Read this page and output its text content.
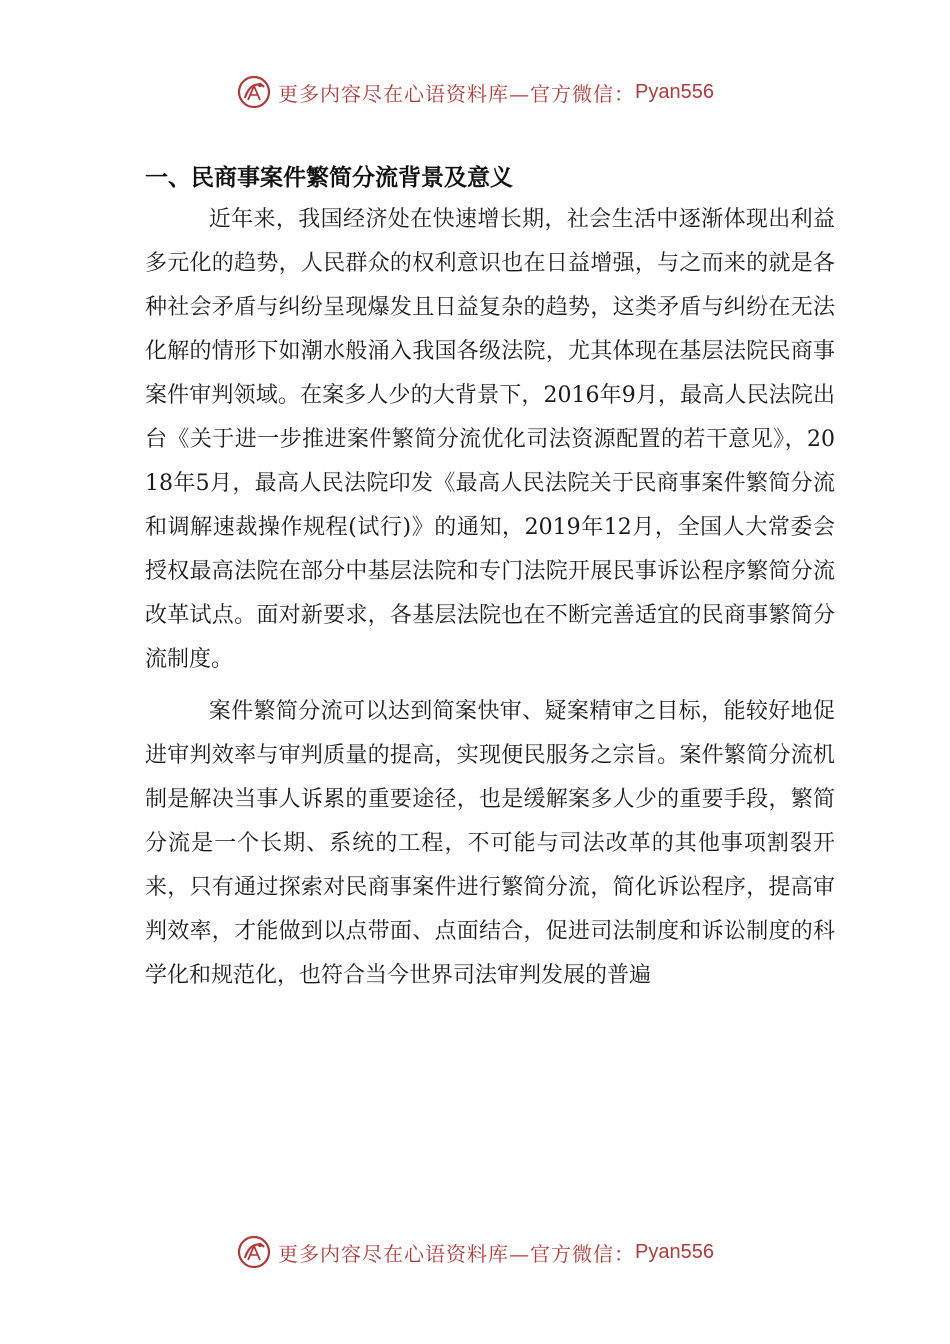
更多内容尽在心语资料库—官方微信： Pyan556
一、民商事案件繁简分流背景及意义

近年来，我国经济处在快速增长期，社会生活中逐渐体现出利益多元化的趋势，人民群众的权利意识也在日益增强，与之而来的就是各种社会矛盾与纠纷呈现爆发且日益复杂的趋势，这类矛盾与纠纷在无法化解的情形下如潮水般涌入我国各级法院，尤其体现在基层法院民商事案件审判领域。在案多人少的大背景下，2016年9月，最高人民法院出台《关于进一步推进案件繁简分流优化司法资源配置的若干意见》，2018年5月，最高人民法院印发《最高人民法院关于民商事案件繁简分流和调解速裁操作规程(试行)》的通知，2019年12月，全国人大常委会授权最高法院在部分中基层法院和专门法院开展民事诉讼程序繁简分流改革试点。面对新要求，各基层法院也在不断完善适宜的民商事繁简分流制度。

案件繁简分流可以达到简案快审、疑案精审之目标，能较好地促进审判效率与审判质量的提高，实现便民服务之宗旨。案件繁简分流机制是解决当事人诉累的重要途径，也是缓解案多人少的重要手段，繁简分流是一个长期、系统的工程，不可能与司法改革的其他事项割裂开来，只有通过探索对民商事案件进行繁简分流，简化诉讼程序，提高审判效率，才能做到以点带面、点面结合，促进司法制度和诉讼制度的科学化和规范化，也符合当今世界司法审判发展的普遍

更多内容尽在心语资料库—官方微信： Pyan556
